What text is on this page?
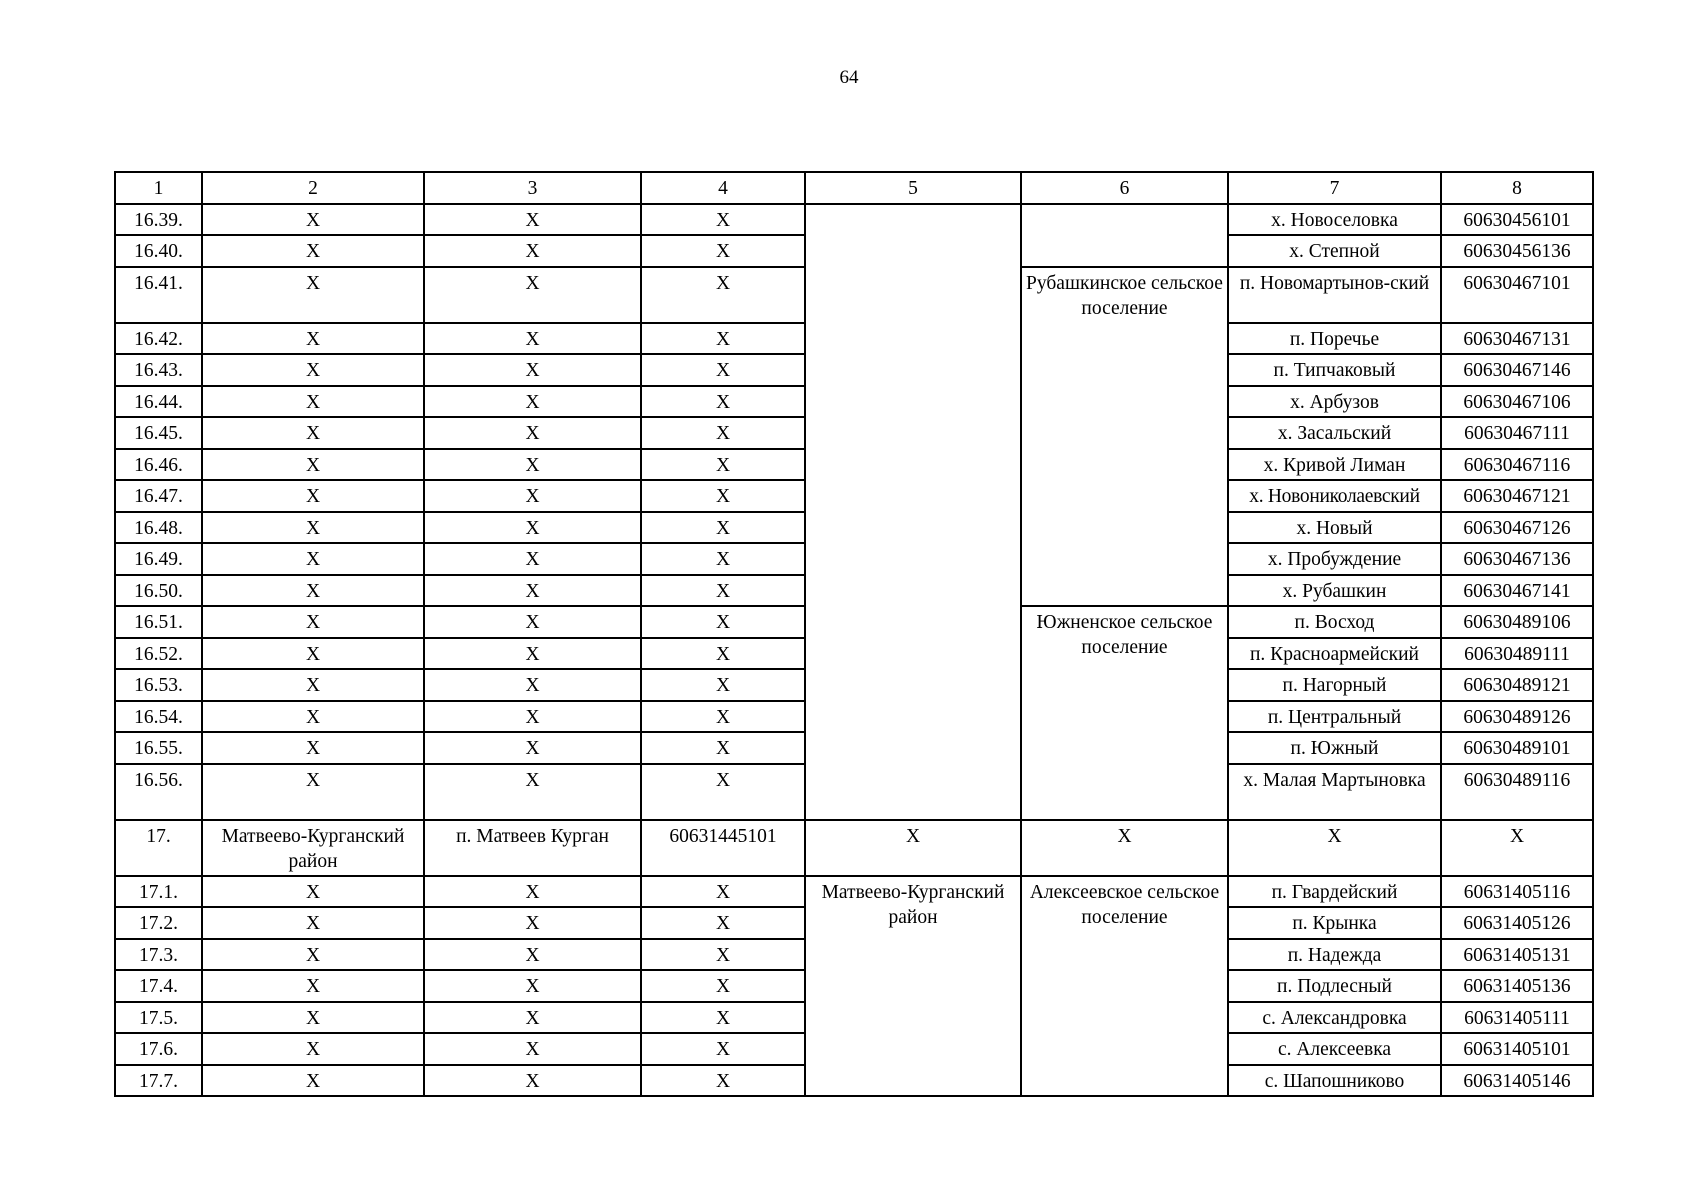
64
1	2	3	4	5	6	7	8
16.39.	Х	Х	Х			х. Новоселовка	60630456101
16.40.	Х	Х	Х			х. Степной	60630456136
16.41.	Х	Х	Х		Рубашкинское сельское поселение	п. Новомартынов-ский	60630467101
16.42.	Х	Х	Х			п. Поречье	60630467131
16.43.	Х	Х	Х			п. Типчаковый	60630467146
16.44.	Х	Х	Х			х. Арбузов	60630467106
16.45.	Х	Х	Х			х. Засальский	60630467111
16.46.	Х	Х	Х			х. Кривой Лиман	60630467116
16.47.	Х	Х	Х			х. Новониколаевский	60630467121
16.48.	Х	Х	Х			х. Новый	60630467126
16.49.	Х	Х	Х			х. Пробуждение	60630467136
16.50.	Х	Х	Х			х. Рубашкин	60630467141
16.51.	Х	Х	Х		Южненское сельское поселение	п. Восход	60630489106
16.52.	Х	Х	Х			п. Красноармейский	60630489111
16.53.	Х	Х	Х			п. Нагорный	60630489121
16.54.	Х	Х	Х			п. Центральный	60630489126
16.55.	Х	Х	Х			п. Южный	60630489101
16.56.	Х	Х	Х			х. Малая Мартыновка	60630489116
17.	Матвеево-Курганский район	п. Матвеев Курган	60631445101	Х	Х	Х	Х
17.1.	Х	Х	Х	Матвеево-Курганский район	Алексеевское сельское поселение	п. Гвардейский	60631405116
17.2.	Х	Х	Х			п. Крынка	60631405126
17.3.	Х	Х	Х			п. Надежда	60631405131
17.4.	Х	Х	Х			п. Подлесный	60631405136
17.5.	Х	Х	Х			с. Александровка	60631405111
17.6.	Х	Х	Х			с. Алексеевка	60631405101
17.7.	Х	Х	Х			с. Шапошниково	60631405146
